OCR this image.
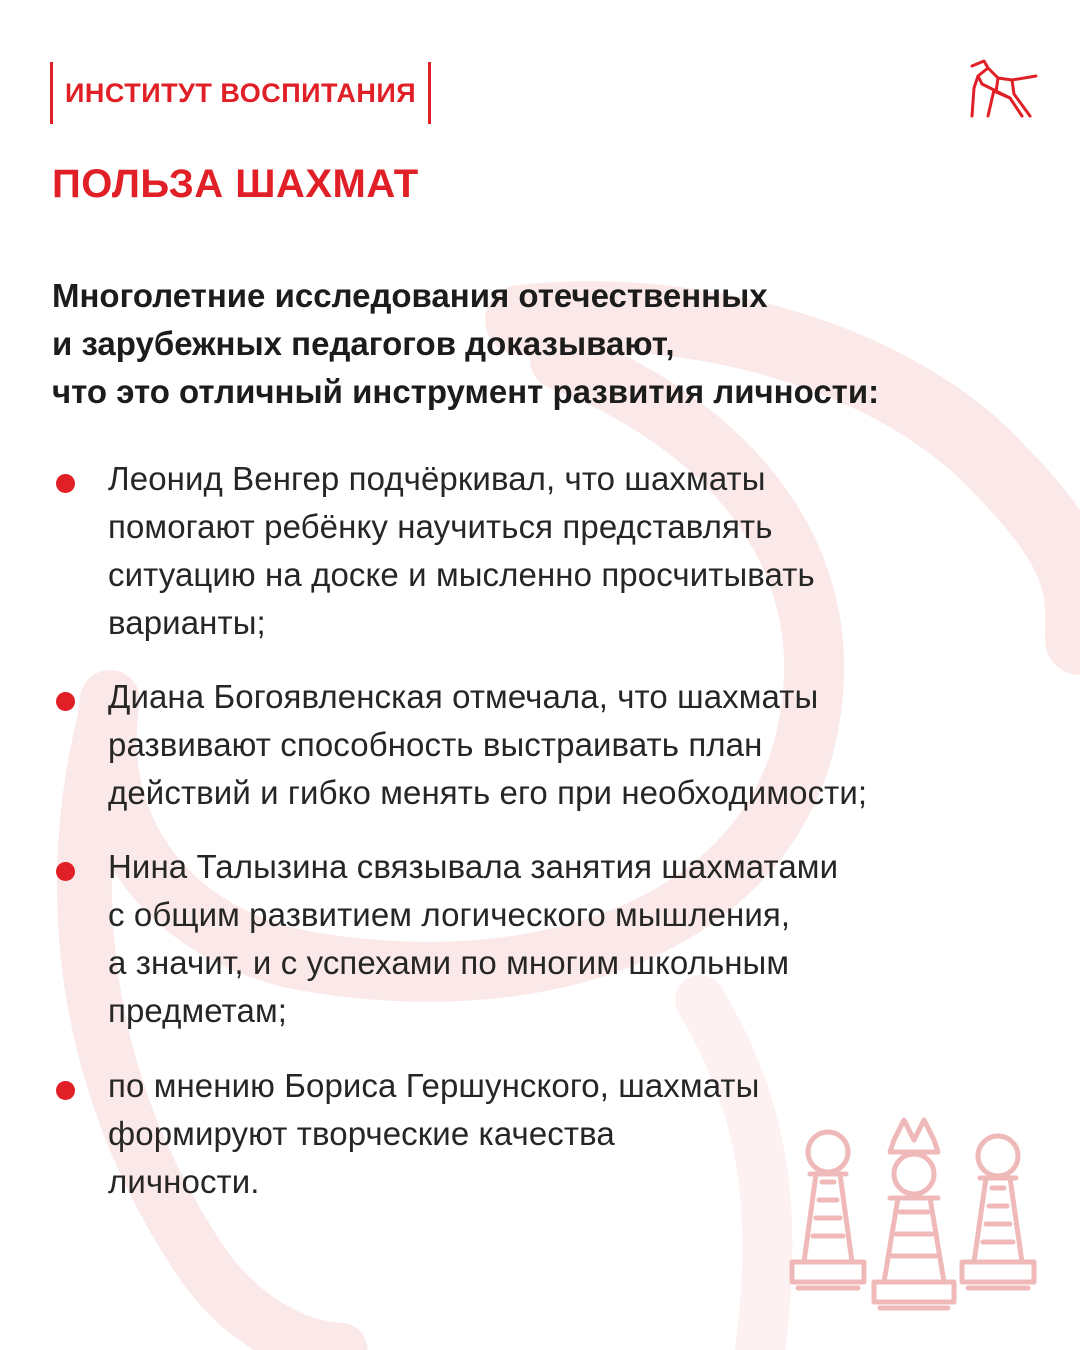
ИНСТИТУТ ВОСПИТАНИЯ
ПОЛЬЗА ШАХМАТ
Многолетние исследования отечественных
и зарубежных педагогов доказывают,
что это отличный инструмент развития личности:
Леонид Венгер подчёркивал, что шахматы
помогают ребёнку научиться представлять
ситуацию на доске и мысленно просчитывать
варианты;
Диана Богоявленская отмечала, что шахматы
развивают способность выстраивать план
действий и гибко менять его при необходимости;
Нина Талызина связывала занятия шахматами
с общим развитием логического мышления,
а значит, и с успехами по многим школьным
предметам;
по мнению Бориса Гершунского, шахматы
формируют творческие качества
личности.
